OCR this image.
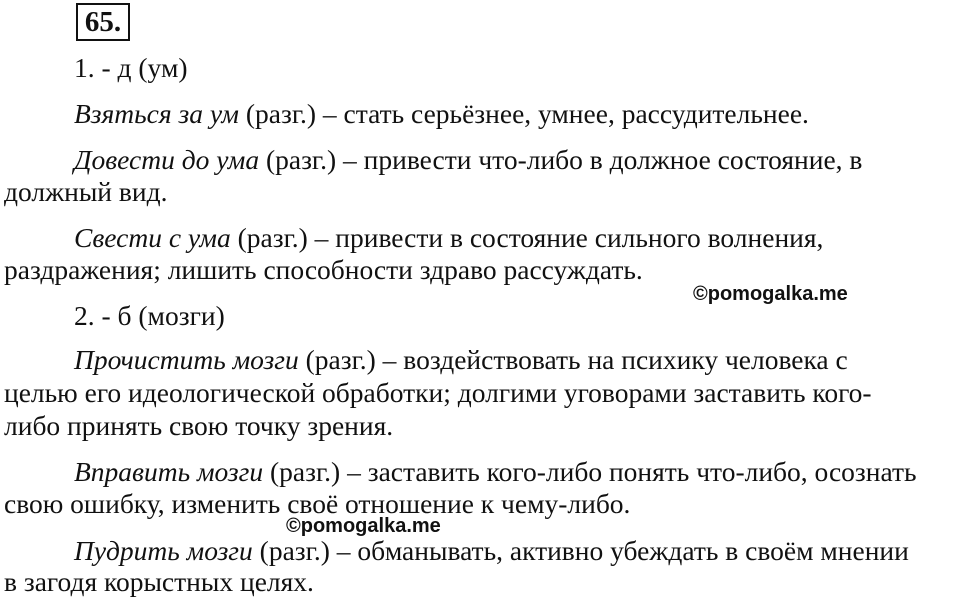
65.
1. - д (ум)
Взяться за ум (разг.) – стать серьёзнее, умнее, рассудительнее.
Довести до ума (разг.) – привести что-либо в должное состояние, в
должный вид.
Свести с ума (разг.) – привести в состояние сильного волнения,
раздражения; лишить способности здраво рассуждать.
©pomogalka.me
2. - б (мозги)
Прочистить мозги (разг.) – воздействовать на психику человека с
целью его идеологической обработки; долгими уговорами заставить кого-
либо принять свою точку зрения.
Вправить мозги (разг.) – заставить кого-либо понять что-либо, осознать
свою ошибку, изменить своё отношение к чему-либо.
©pomogalka.me
Пудрить мозги (разг.) – обманывать, активно убеждать в своём мнении
в загодя корыстных целях.
